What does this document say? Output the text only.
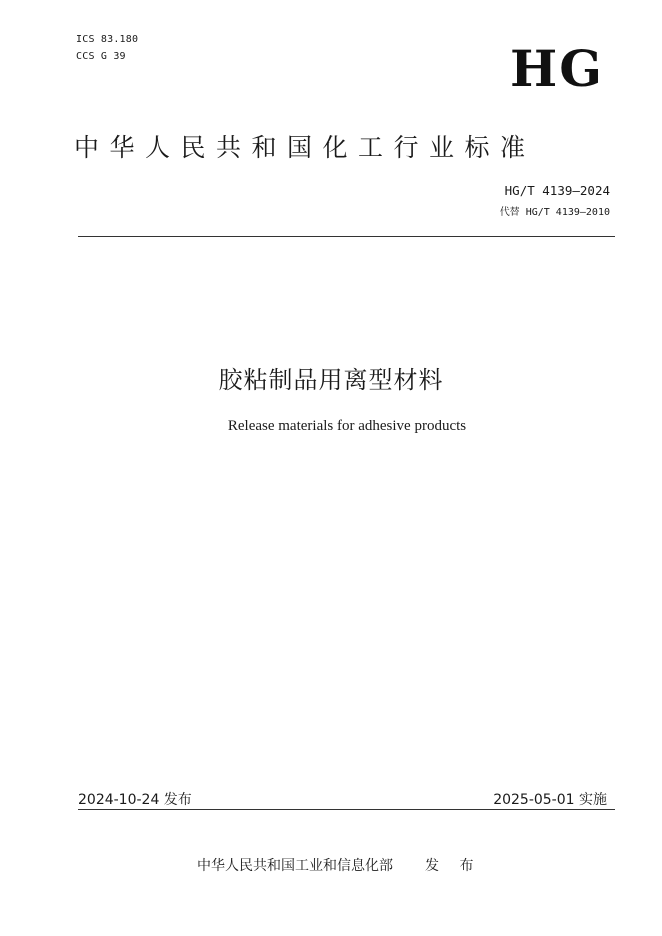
ICS 83.180
CCS G 39	HG
中华人民共和国化工行业标准
HG/T 4139—2024
代替 HG/T 4139—2010
胶粘制品用离型材料
Release materials for adhesive products
2024-10-24 发布	2025-05-01 实施
中华人民共和国工业和信息化部 发 布
